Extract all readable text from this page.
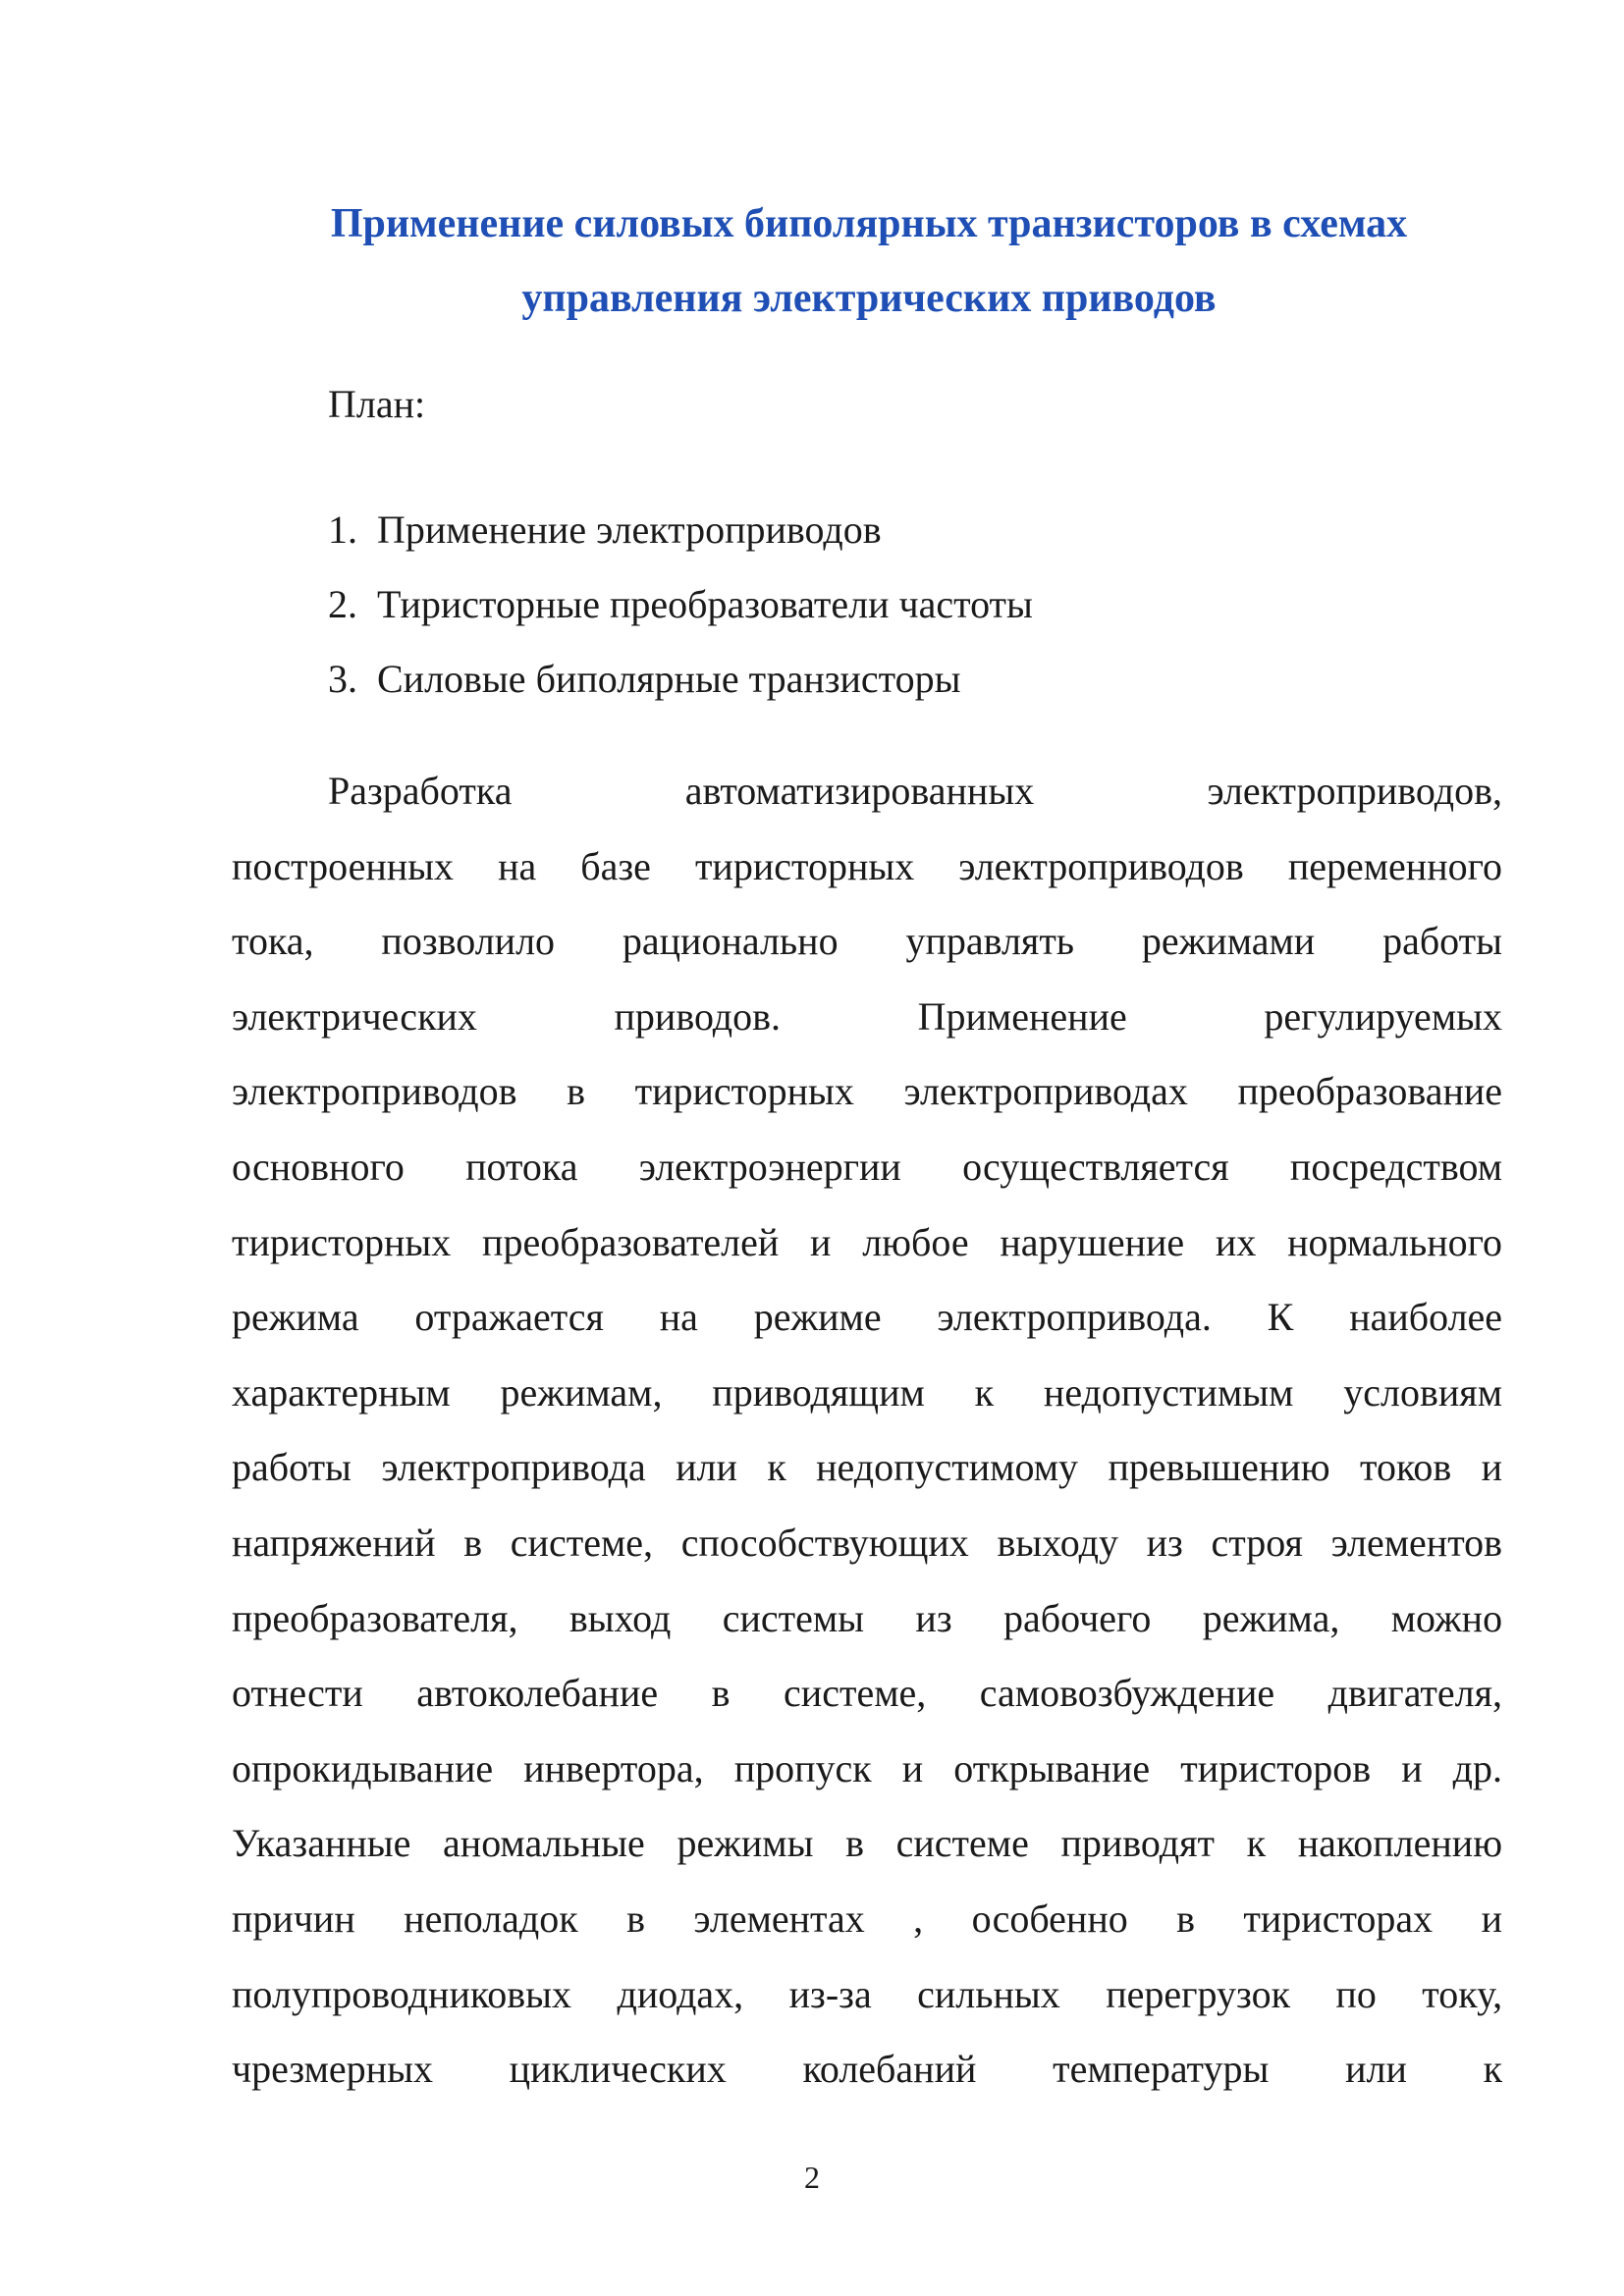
Применение силовых биполярных транзисторов в схемах
управления электрических приводов
План:
1. Применение электроприводов
2. Тиристорные преобразователи частоты
3. Силовые биполярные транзисторы
Разработка	автоматизированных	электроприводов,
построенных на базе тиристорных электроприводов переменного
тока, позволило рационально управлять режимами работы
электрических	приводов.	Применение	регулируемых
электроприводов в тиристорных электроприводах преобразование
основного потока электроэнергии осуществляется посредством
тиристорных преобразователей и любое нарушение их нормального
режима отражается на режиме электропривода. К наиболее
характерным режимам, приводящим к недопустимым условиям
работы электропривода или к недопустимому превышению токов и
напряжений в системе, способствующих выходу из строя элементов
преобразователя, выход системы из рабочего режима, можно
отнести автоколебание в системе, самовозбуждение двигателя,
опрокидывание инвертора, пропуск и открывание тиристоров и др.
Указанные аномальные режимы в системе приводят к накоплению
причин неполадок в элементах , особенно в тиристорах и
полупроводниковых диодах, из-за сильных перегрузок по току,
чрезмерных циклических колебаний температуры или к
2
